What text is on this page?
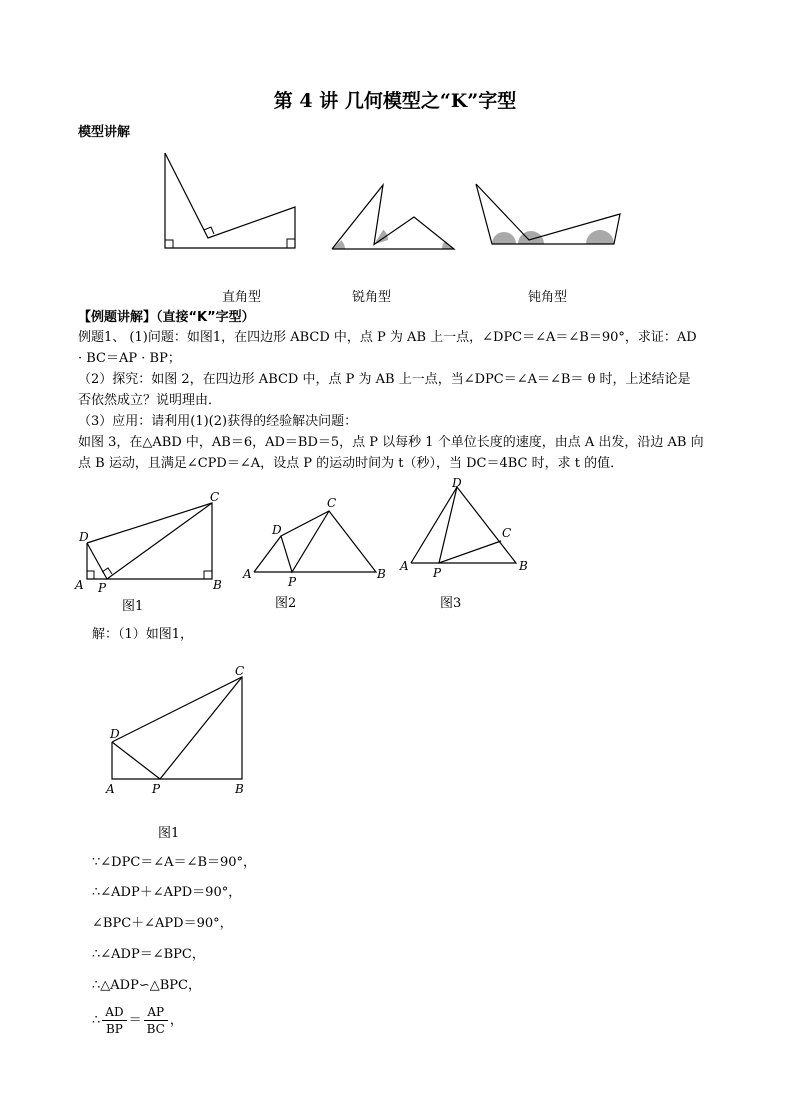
第 4 讲 几何模型之“K”字型
模型讲解
直角型	锐角型	钝角型
【例题讲解】（直接“K”字型）
例题1、 (1)问题：如图1，在四边形 ABCD 中，点 P 为 AB 上一点，∠DPC＝∠A＝∠B＝90°，求证：AD
· BC＝AP · BP；
（2）探究：如图 2，在四边形 ABCD 中，点 P 为 AB 上一点，当∠DPC＝∠A＝∠B＝ θ 时，上述结论是
否依然成立？说明理由．
（3）应用：请利用(1)(2)获得的经验解决问题：
如图 3，在△ABD 中，AB＝6，AD＝BD＝5，点 P 以每秒 1 个单位长度的速度，由点 A 出发，沿边 AB 向
点 B 运动，且满足∠CPD＝∠A，设点 P 的运动时间为 t（秒），当 DC＝4BC 时，求 t 的值．
A P	B
C
D
图1
A
P
B
C
D
图2
A P	B
C
D
图3
解：（1）如图1，
A	P	B
C
D
图1
∵∠DPC＝∠A＝∠B＝90°，
∴∠ADP＋∠APD＝90°，
∠BPC＋∠APD＝90°，
∴∠ADP＝∠BPC，
∴△ADP∽△BPC，
∴ $\frac{AD}{BP} = \frac{AP}{BC}$ ，
